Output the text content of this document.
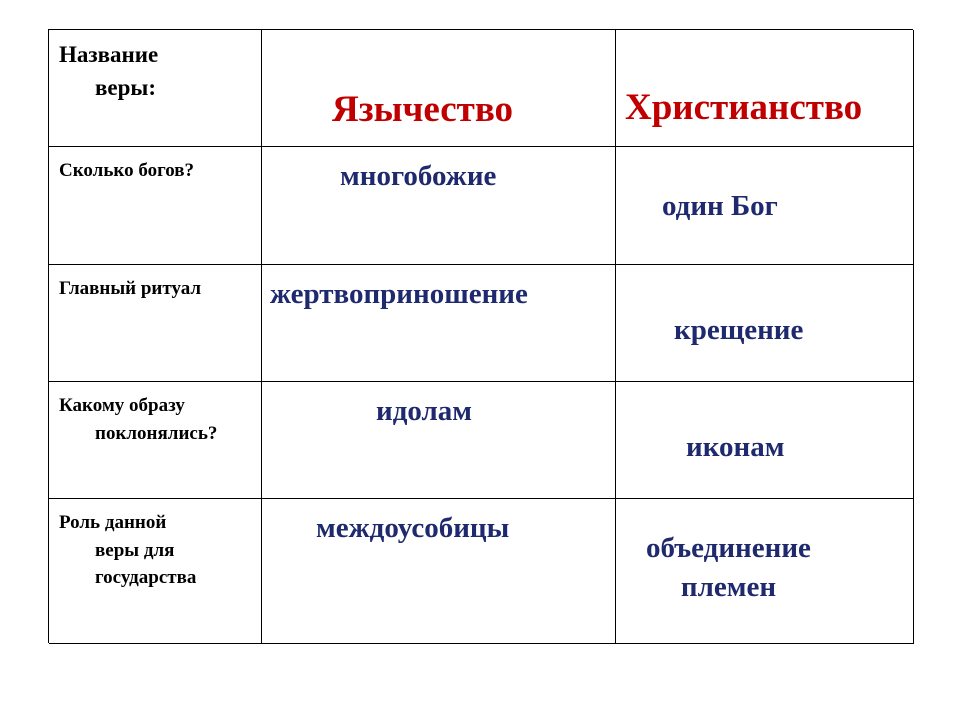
Название
веры:
Язычество	Христианство
Сколько богов?	многобожие
один Бог
Главный ритуал жертвоприношение
крещение
Какому образу
поклонялись?
идолам
иконам
Роль данной
веры для
государства
междоусобицы
объединение
племен
